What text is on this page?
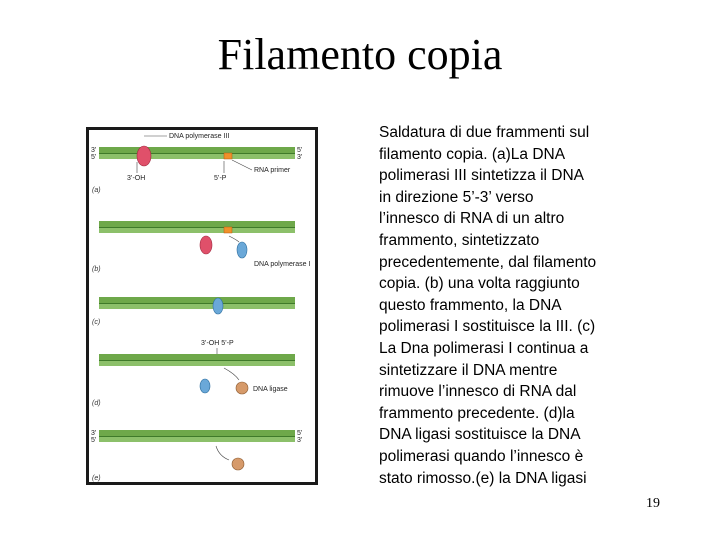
Filamento copia
DNA polymerase III
3’
5’
5’
3’
3’-OH	5’-P
RNA primer
(a)
DNA polymerase I
(b)
(c)
3’-OH 5’-P
DNA ligase
(d)
3’
5’
5’
3’
(e)
Saldatura di due frammenti sul
filamento copia. (a)La DNA
polimerasi III sintetizza il DNA
in direzione 5’-3’ verso
l’innesco di RNA di un altro
frammento, sintetizzato
precedentemente, dal filamento
copia. (b) una volta raggiunto
questo frammento, la DNA
polimerasi I sostituisce la III. (c)
La Dna polimerasi I continua a
sintetizzare il DNA mentre
rimuove l’innesco di RNA dal
frammento precedente. (d)la
DNA ligasi sostituisce la DNA
polimerasi quando l’innesco è
stato rimosso.(e) la DNA ligasi
19
